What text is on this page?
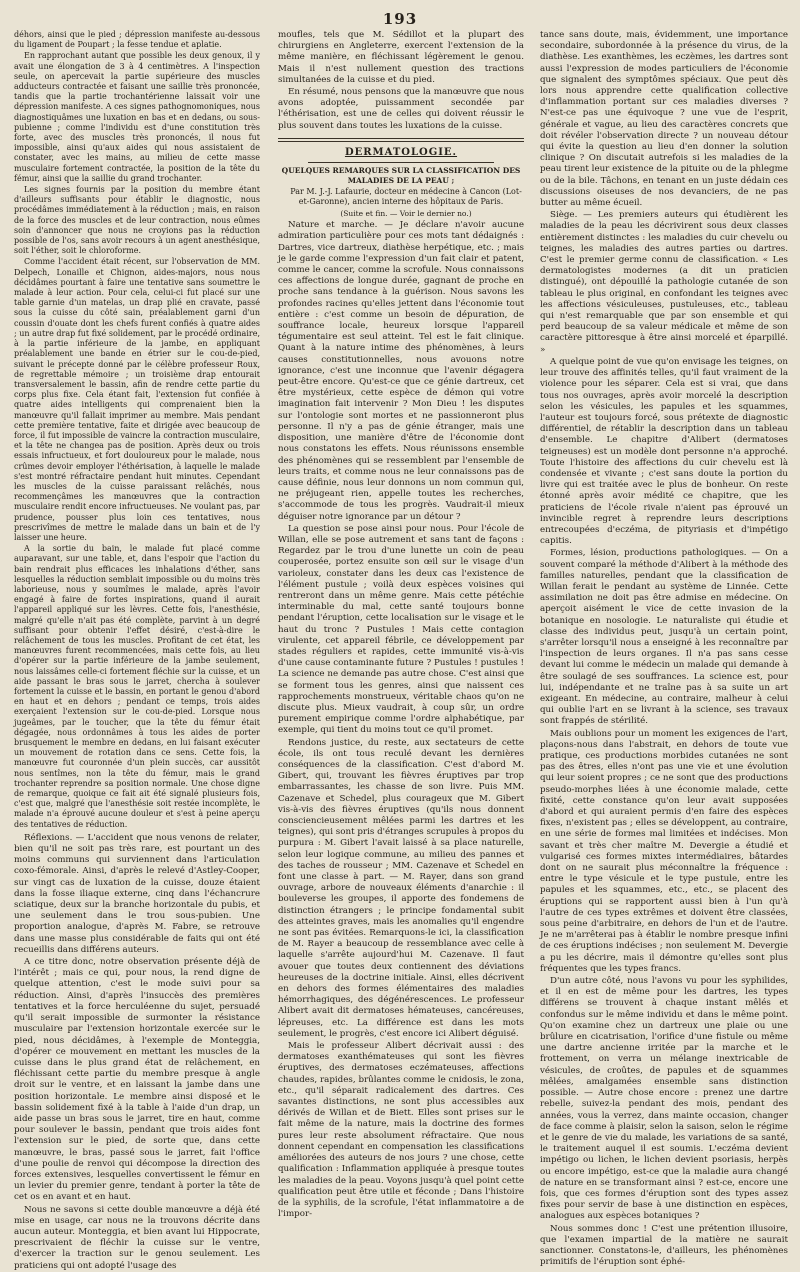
193

déhors, ainsi que le pied ; dépression manifeste au-dessous du ligament de Poupart ; la fesse tendue et aplatie.

En rapprochant autant que possible les deux genoux, il y avait une élongation de 3 à 4 centimètres. A l'inspection seule, on apercevait la partie supérieure des muscles adducteurs contractée et faisant une saillie très prononcée, tandis que la partie trochantérienne laissait voir une dépression manifeste. A ces signes pathognomoniques, nous diagnostiquâmes une luxation en bas et en dedans, ou sous-pubienne ; comme l'individu est d'une constitution très forte, avec des muscles très prononcés, il nous fut impossible, ainsi qu'aux aides qui nous assistaient de constater, avec les mains, au milieu de cette masse musculaire fortement contractée, la position de la tête du fémur, ainsi que la saillie du grand trochanter.

Les signes fournis par la position du membre étant d'ailleurs suffisants pour établir le diagnostic, nous procédâmes immédiatement à la réduction ; mais, en raison de la force des muscles et de leur contraction, nous eûmes soin d'annoncer que nous ne croyions pas la réduction possible de l'os, sans avoir recours à un agent anesthésique, soit l'éther, soit le chloroforme.

Comme l'accident était récent, sur l'observation de MM. Delpech, Lonaille et Chignon, aides-majors, nous nous décidâmes pourtant à faire une tentative sans soumettre le malade à leur action. Pour cela, celui-ci fut placé sur une table garnie d'un matelas, un drap plié en cravate, passé sous la cuisse du côté sain, préalablement garni d'un coussin d'ouate dont les chefs furent confiés à quatre aides ; un autre drap fut fixé solidement, par le procédé ordinaire, à la partie inférieure de la jambe, en appliquant préalablement une bande en étrier sur le cou-de-pied, suivant le précepte donné par le célèbre professeur Roux, de regrettable mémoire ; un troisième drap entourait transversalement le bassin, afin de rendre cette partie du corps plus fixe. Cela étant fait, l'extension fut confiée à quatre aides intelligents qui comprenaient bien la manœuvre qu'il fallait imprimer au membre. Mais pendant cette première tentative, faite et dirigée avec beaucoup de force, il fut impossible de vaincre la contraction musculaire, et la tête ne changea pas de position. Après deux ou trois essais infructueux, et fort douloureux pour le malade, nous crûmes devoir employer l'éthérisation, à laquelle le malade s'est montré réfractaire pendant huit minutes. Cependant les muscles de la cuisse paraissant relâchés, nous recommençâmes les manœuvres que la contraction musculaire rendit encore infructueuses. Ne voulant pas, par prudence, pousser plus loin ces tentatives, nous prescrivîmes de mettre le malade dans un bain et de l'y laisser une heure.

A la sortie du bain, le malade fut placé comme auparavant, sur une table, et, dans l'espoir que l'action du bain rendrait plus efficaces les inhalations d'éther, sans lesquelles la réduction semblait impossible ou du moins très laborieuse, nous y soumîmes le malade, après l'avoir engagé à faire de fortes inspirations, quand il aurait l'appareil appliqué sur les lèvres. Cette fois, l'anesthésie, malgré qu'elle n'ait pas été complète, parvint à un degré suffisant pour obtenir l'effet désiré, c'est-à-dire le relâchement de tous les muscles. Profitant de cet état, les manœuvres furent recommencées, mais cette fois, au lieu d'opérer sur la partie inférieure de la jambe seulement, nous laissâmes celle-ci fortement fléchie sur la cuisse, et un aide passant le bras sous le jarret, chercha à soulever fortement la cuisse et le bassin, en portant le genou d'abord en haut et en dehors ; pendant ce temps, trois aides exerçaient l'extension sur le cou-de-pied. Lorsque nous jugeâmes, par le toucher, que la tête du fémur était dégagée, nous ordonnâmes à tous les aides de porter brusquement le membre en dedans, en lui faisant exécuter un mouvement de rotation dans ce sens. Cette fois, la manœuvre fut couronnée d'un plein succès, car aussitôt nous sentîmes, non la tête du fémur, mais le grand trochanter reprendre sa position normale. Une chose digne de remarque, quoique ce fait ait été signalé plusieurs fois, c'est que, malgré que l'anesthésie soit restée incomplète, le malade n'a éprouvé aucune douleur et s'est à peine aperçu des tentatives de réduction.

Réflexions. — L'accident que nous venons de relater, bien qu'il ne soit pas très rare, est pourtant un des moins communs qui surviennent dans l'articulation coxo-fémorale. Ainsi, d'après le relevé d'Astley-Cooper, sur vingt cas de luxation de la cuisse, douze étaient dans la fosse iliaque externe, cinq dans l'échancrure sciatique, deux sur la branche horizontale du pubis, et une seulement dans le trou sous-pubien. Une proportion analogue, d'après M. Fabre, se retrouve dans une masse plus considérable de faits qui ont été recueillis dans différens auteurs.

A ce titre donc, notre observation présente déjà de l'intérêt ; mais ce qui, pour nous, la rend digne de quelque attention, c'est le mode suivi pour sa réduction. Ainsi, d'après l'insuccès des premières tentatives et la force herculéenne du sujet, persuadé qu'il serait impossible de surmonter la résistance musculaire par l'extension horizontale exercée sur le pied, nous décidâmes, à l'exemple de Monteggia, d'opérer ce mouvement en mettant les muscles de la cuisse dans le plus grand état de relâchement, en fléchissant cette partie du membre presque à angle droit sur le ventre, et en laissant la jambe dans une position horizontale. Le membre ainsi disposé et le bassin solidement fixé à la table à l'aide d'un drap, un aide passe un bras sous le jarret, tire en haut, comme pour soulever le bassin, pendant que trois aides font l'extension sur le pied, de sorte que, dans cette manœuvre, le bras, passé sous le jarret, fait l'office d'une poulie de renvoi qui décompose la direction des forces extensives, lesquelles convertissent le fémur en un levier du premier genre, tendant à porter la tête de cet os en avant et en haut.

Nous ne savons si cette double manœuvre a déjà été mise en usage, car nous ne la trouvons décrite dans aucun auteur. Monteggia, et bien avant lui Hippocrate, prescrivaient de fléchir la cuisse sur le ventre, d'exercer la traction sur le genou seulement. Les praticiens qui ont adopté l'usage des

moufles, tels que M. Sédillot et la plupart des chirurgiens en Angleterre, exercent l'extension de la même manière, en fléchissant légèrement le genou. Mais il n'est nullement question des tractions simultanées de la cuisse et du pied.

En résumé, nous pensons que la manœuvre que nous avons adoptée, puissamment secondée par l'éthérisation, est une de celles qui doivent réussir le plus souvent dans toutes les luxations de la cuisse.

DERMATOLOGIE.
QUELQUES REMARQUES SUR LA CLASSIFICATION DES MALADIES DE LA PEAU ;

Par M. J.-J. Lafaurie, docteur en médecine à Cancon (Lot-et-Garonne), ancien interne des hôpitaux de Paris.

(Suite et fin. — Voir le dernier no.)

Nature et marche. — Je déclare n'avoir aucune admiration particulière pour ces mots tant dédaignés : Dartres, vice dartreux, diathèse herpétique, etc. ; mais je le garde comme l'expression d'un fait clair et patent, comme le cancer, comme la scrofule. Nous connaissons ces affections de longue durée, gagnant de proche en proche sans tendance à la guérison. Nous savons les profondes racines qu'elles jettent dans l'économie tout entière : c'est comme un besoin de dépuration, de souffrance locale, heureux lorsque l'appareil tégumentaire est seul atteint. Tel est le fait clinique. Quant à la nature intime des phénomènes, à leurs causes constitutionnelles, nous avouons notre ignorance, c'est une inconnue que l'avenir dégagera peut-être encore. Qu'est-ce que ce génie dartreux, cet être mystérieux, cette espèce de démon qui votre imagination fait intervenir ? Mon Dieu ! les disputes sur l'ontologie sont mortes et ne passionneront plus personne. Il n'y a pas de génie étranger, mais une disposition, une manière d'être de l'économie dont nous constatons les effets. Nous réunissons ensemble des phénomènes qui se ressemblent par l'ensemble de leurs traits, et comme nous ne leur connaissons pas de cause définie, nous leur donnons un nom commun qui, ne préjugeant rien, appelle toutes les recherches, s'accommode de tous les progrès. Vaudrait-il mieux déguiser notre ignorance par un détour ?

La question se pose ainsi pour nous. Pour l'école de Willan, elle se pose autrement et sans tant de façons : Regardez par le trou d'une lunette un coin de peau couperosée, portez ensuite son œil sur le visage d'un varioleux, constater dans les deux cas l'existence de l'élément pustule ; voilà deux espèces voisines qui rentreront dans un même genre. Mais cette pétéchie interminable du mal, cette santé toujours bonne pendant l'éruption, cette localisation sur le visage et le haut du tronc ? Pustules ! Mais cette contagion virulente, cet appareil fébrile, ce développement par stades réguliers et rapides, cette immunité vis-à-vis d'une cause contaminante future ? Pustules ! pustules ! La science ne demande pas autre chose. C'est ainsi que se forment tous les genres, ainsi que naissent ces rapprochements monstrueux, véritable chaos qu'on ne discute plus. Mieux vaudrait, à coup sûr, un ordre purement empirique comme l'ordre alphabétique, par exemple, qui tient du moins tout ce qu'il promet.

Rendons justice, du reste, aux sectateurs de cette école, ils ont tous reculé devant les dernières conséquences de la classification. C'est d'abord M. Gibert, qui, trouvant les fièvres éruptives par trop embarrassantes, les chasse de son livre. Puis MM. Cazenave et Schedel, plus courageux que M. Gibert vis-à-vis des fièvres éruptives (qu'ils nous donnent consciencieusement mêlées parmi les dartres et les teignes), qui sont pris d'étranges scrupules à propos du purpura : M. Gibert l'avait laissé à sa place naturelle, selon leur logique commune, au milieu des pannes et des taches de rousseur ; MM. Cazenave et Schedel en font une classe à part. — M. Rayer, dans son grand ouvrage, arbore de nouveaux éléments d'anarchie : il bouleverse les groupes, il apporte des fondemens de distinction étrangers ; le principe fondamental subit des atteintes graves, mais les anomalies qu'il engendre ne sont pas évitées. Remarquons-le ici, la classification de M. Rayer a beaucoup de ressemblance avec celle à laquelle s'arrête aujourd'hui M. Cazenave. Il faut avouer que toutes deux contiennent des déviations heureuses de la doctrine initiale. Ainsi, elles décrivent en dehors des formes élémentaires des maladies hémorrhagiques, des dégénérescences. Le professeur Alibert avait dit dermatoses hémateuses, cancéreuses, lépreuses, etc. La différence est dans les mots seulement, le progrès, c'est encore ici Alibert déguisé.

Mais le professeur Alibert décrivait aussi : des dermatoses exanthémateuses qui sont les fièvres éruptives, des dermatoses eczémateuses, affections chaudes, rapides, brûlantes comme le cnidosis, le zona, etc., qu'il séparait radicalement des dartres. Ces savantes distinctions, ne sont plus accessibles aux dérivés de Willan et de Biett. Elles sont prises sur le fait même de la nature, mais la doctrine des formes pures leur reste absolument réfractaire. Que nous donnent cependant en compensation les classifications améliorées des auteurs de nos jours ? une chose, cette qualification : Inflammation appliquée à presque toutes les maladies de la peau. Voyons jusqu'à quel point cette qualification peut être utile et féconde ; Dans l'histoire de la syphilis, de la scrofule, l'état inflammatoire a de l'impor-

tance sans doute, mais, évidemment, une importance secondaire, subordonnée à la présence du virus, de la diathèse. Les exanthèmes, les eczèmes, les dartres sont aussi l'expression de modes particuliers de l'économie que signalent des symptômes spéciaux. Que peut dès lors nous apprendre cette qualification collective d'inflammation portant sur ces maladies diverses ? N'est-ce pas une équivoque ? une vue de l'esprit, générale et vague, au lieu des caractères concrets que doit révéler l'observation directe ? un nouveau détour qui évite la question au lieu d'en donner la solution clinique ? On discutait autrefois si les maladies de la peau tirent leur existence de la pituite ou de la phlegme ou de la bile. Tâchons, en tenant en un juste dédain ces discussions oiseuses de nos devanciers, de ne pas butter au même écueil.

Siège. — Les premiers auteurs qui étudièrent les maladies de la peau les décrivirent sous deux classes entièrement distinctes : les maladies du cuir chevelu ou teignes, les maladies des autres parties ou dartres. C'est le premier germe connu de classification. « Les dermatologistes modernes (a dit un praticien distingué), ont dépouillé la pathologie cutanée de son tableau le plus original, en confondant les teignes avec les affections vésiculeuses, pustuleuses, etc., tableau qui n'est remarquable que par son ensemble et qui perd beaucoup de sa valeur médicale et même de son caractère pittoresque à être ainsi morcelé et éparpillé. »

A quelque point de vue qu'on envisage les teignes, on leur trouve des affinités telles, qu'il faut vraiment de la violence pour les séparer. Cela est si vrai, que dans tous nos ouvrages, après avoir morcelé la description selon les vésicules, les papules et les squammes, l'auteur est toujours forcé, sous prétexte de diagnostic différentiel, de rétablir la description dans un tableau d'ensemble. Le chapitre d'Alibert (dermatoses teigneuses) est un modèle dont personne n'a approché. Toute l'histoire des affections du cuir chevelu est là condensée et vivante ; c'est sans doute la portion du livre qui est traitée avec le plus de bonheur. On reste étonné après avoir médité ce chapitre, que les praticiens de l'école rivale n'aient pas éprouvé un invincible regret à reprendre leurs descriptions entrecoupées d'eczéma, de pityriasis et d'impétigo capitis.

Formes, lésion, productions pathologiques. — On a souvent comparé la méthode d'Alibert à la méthode des familles naturelles, pendant que la classification de Willan ferait le pendant au système de Linnée. Cette assimilation ne doit pas être admise en médecine. On aperçoit aisément le vice de cette invasion de la botanique en nosologie. Le naturaliste qui étudie et classe des individus peut, jusqu'à un certain point, s'arrêter lorsqu'il nous a enseigné à les reconnaître par l'inspection de leurs organes. Il n'a pas sans cesse devant lui comme le médecin un malade qui demande à être soulagé de ses souffrances. La science est, pour lui, indépendante et ne traîne pas à sa suite un art exigeant. En médecine, au contraire, malheur à celui qui oublie l'art en se livrant à la science, ses travaux sont frappés de stérilité.

Mais oublions pour un moment les exigences de l'art, plaçons-nous dans l'abstrait, en dehors de toute vue pratique, ces productions morbides cutanées ne sont pas des êtres, elles n'ont pas une vie et une évolution qui leur soient propres ; ce ne sont que des productions pseudo-morphes liées à une économie malade, cette fixité, cette constance qu'on leur avait supposées d'abord et qui auraient permis d'en faire des espèces fixes, n'existent pas ; elles se développent, au contraire, en une série de formes mal limitées et indécises. Mon savant et très cher maître M. Devergie a étudié et vulgarisé ces formes mixtes intermédiaires, bâtardes dont on ne saurait plus méconnaître la fréquence : entre le type vésicule et le type pustule, entre les papules et les squammes, etc., etc., se placent des éruptions qui se rapportent aussi bien à l'un qu'à l'autre de ces types extrêmes et doivent être classées, sous peine d'arbitraire, en dehors de l'un et de l'autre. Je ne m'arrêterai pas à établir le nombre presque infini de ces éruptions indécises ; non seulement M. Devergie a pu les décrire, mais il démontre qu'elles sont plus fréquentes que les types francs.

D'un autre côté, nous l'avons vu pour les syphilides, et il en est de même pour les dartres, les types différens se trouvent à chaque instant mêlés et confondus sur le même individu et dans le même point. Qu'on examine chez un dartreux une plaie ou une brûlure en cicatrisation, l'orifice d'une fistule ou même une dartre ancienne irritée par la marche et le frottement, on verra un mélange inextricable de vésicules, de croûtes, de papules et de squammes mêlées, amalgamées ensemble sans distinction possible. — Autre chose encore : prenez une dartre rebelle, suivez-la pendant des mois, pendant des années, vous la verrez, dans mainte occasion, changer de face comme à plaisir, selon la saison, selon le régime et le genre de vie du malade, les variations de sa santé, le traitement auquel il est soumis. L'eczéma devient impétigo ou lichen, le lichen devient psoriasis, herpès ou encore impétigo, est-ce que la maladie aura changé de nature en se transformant ainsi ? est-ce, encore une fois, que ces formes d'éruption sont des types assez fixes pour servir de base à une distinction en espèces, analogues aux espèces botaniques ?

Nous sommes donc ! C'est une prétention illusoire, que l'examen impartial de la matière ne saurait sanctionner. Constatons-le, d'ailleurs, les phénomènes primitifs de l'éruption sont éphé-
